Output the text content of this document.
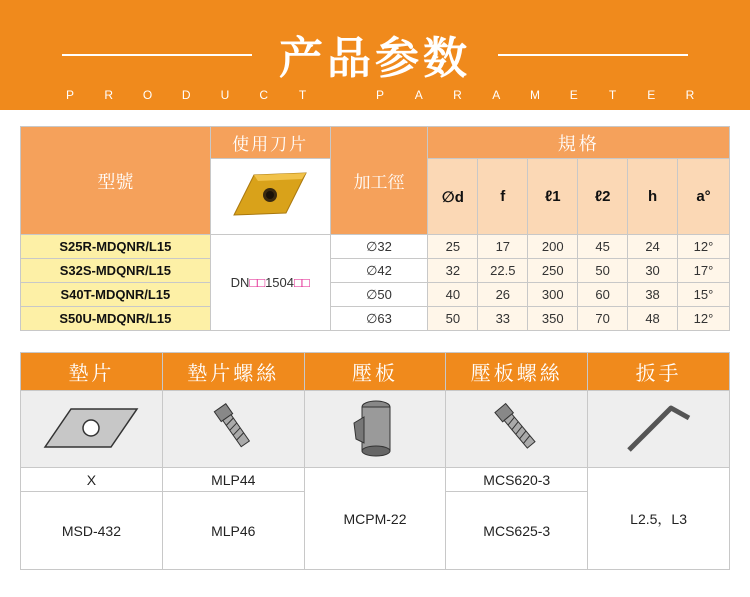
产品参数
P	R	O	D	U	C	T	P	A	R	A	M	E	T	E	R
型號	使用刀片	加工徑	規格					
	∅d	f	ℓ1	ℓ2	h	a°
S25R-MDQNR/L15	DN□□1504□□	∅32	25	17	200	45	24	12°
S32S-MDQNR/L15		∅42	32	22.5	250	50	30	17°
S40T-MDQNR/L15		∅50	40	26	300	60	38	15°
S50U-MDQNR/L15		∅63	50	33	350	70	48	12°
墊片	墊片螺絲	壓板	壓板螺絲	扳手

X	MLP44	MCPM-22	MCS620-3	L2.5，L3
MSD-432	MLP46		MCS625-3	
